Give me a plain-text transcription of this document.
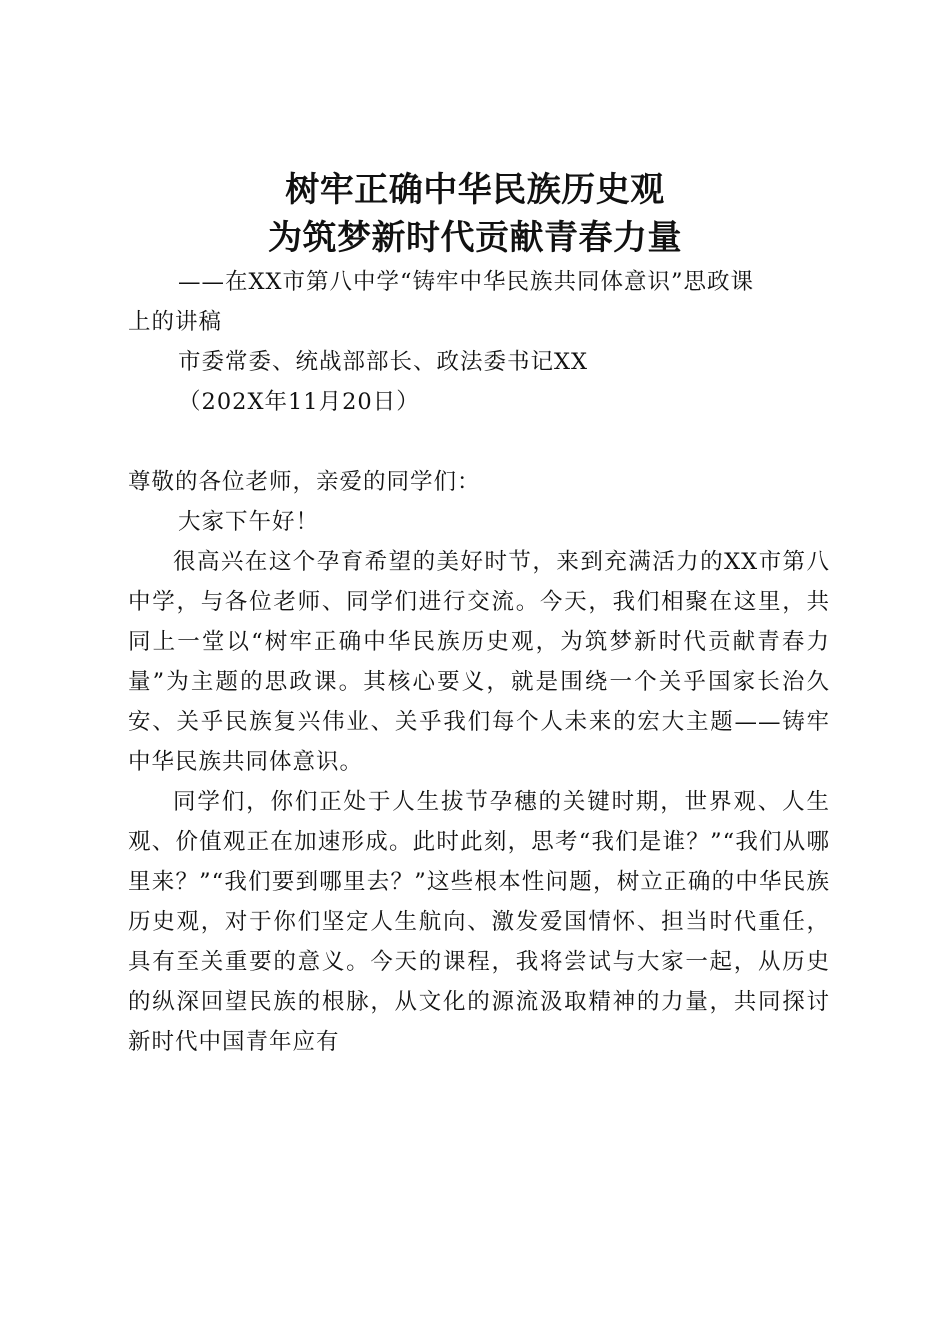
树牢正确中华民族历史观
为筑梦新时代贡献青春力量
——在XX市第八中学“铸牢中华民族共同体意识”思政课
上的讲稿
市委常委、统战部部长、政法委书记XX
（202X年11月20日）
尊敬的各位老师，亲爱的同学们：
大家下午好！

很高兴在这个孕育希望的美好时节，来到充满活力的XX市第八中学，与各位老师、同学们进行交流。今天，我们相聚在这里，共同上一堂以“树牢正确中华民族历史观，为筑梦新时代贡献青春力量”为主题的思政课。其核心要义，就是围绕一个关乎国家长治久安、关乎民族复兴伟业、关乎我们每个人未来的宏大主题——铸牢中华民族共同体意识。

同学们，你们正处于人生拔节孕穗的关键时期，世界观、人生观、价值观正在加速形成。此时此刻，思考“我们是谁？”“我们从哪里来？”“我们要到哪里去？”这些根本性问题，树立正确的中华民族历史观，对于你们坚定人生航向、激发爱国情怀、担当时代重任，具有至关重要的意义。今天的课程，我将尝试与大家一起，从历史的纵深回望民族的根脉，从文化的源流汲取精神的力量，共同探讨新时代中国青年应有
